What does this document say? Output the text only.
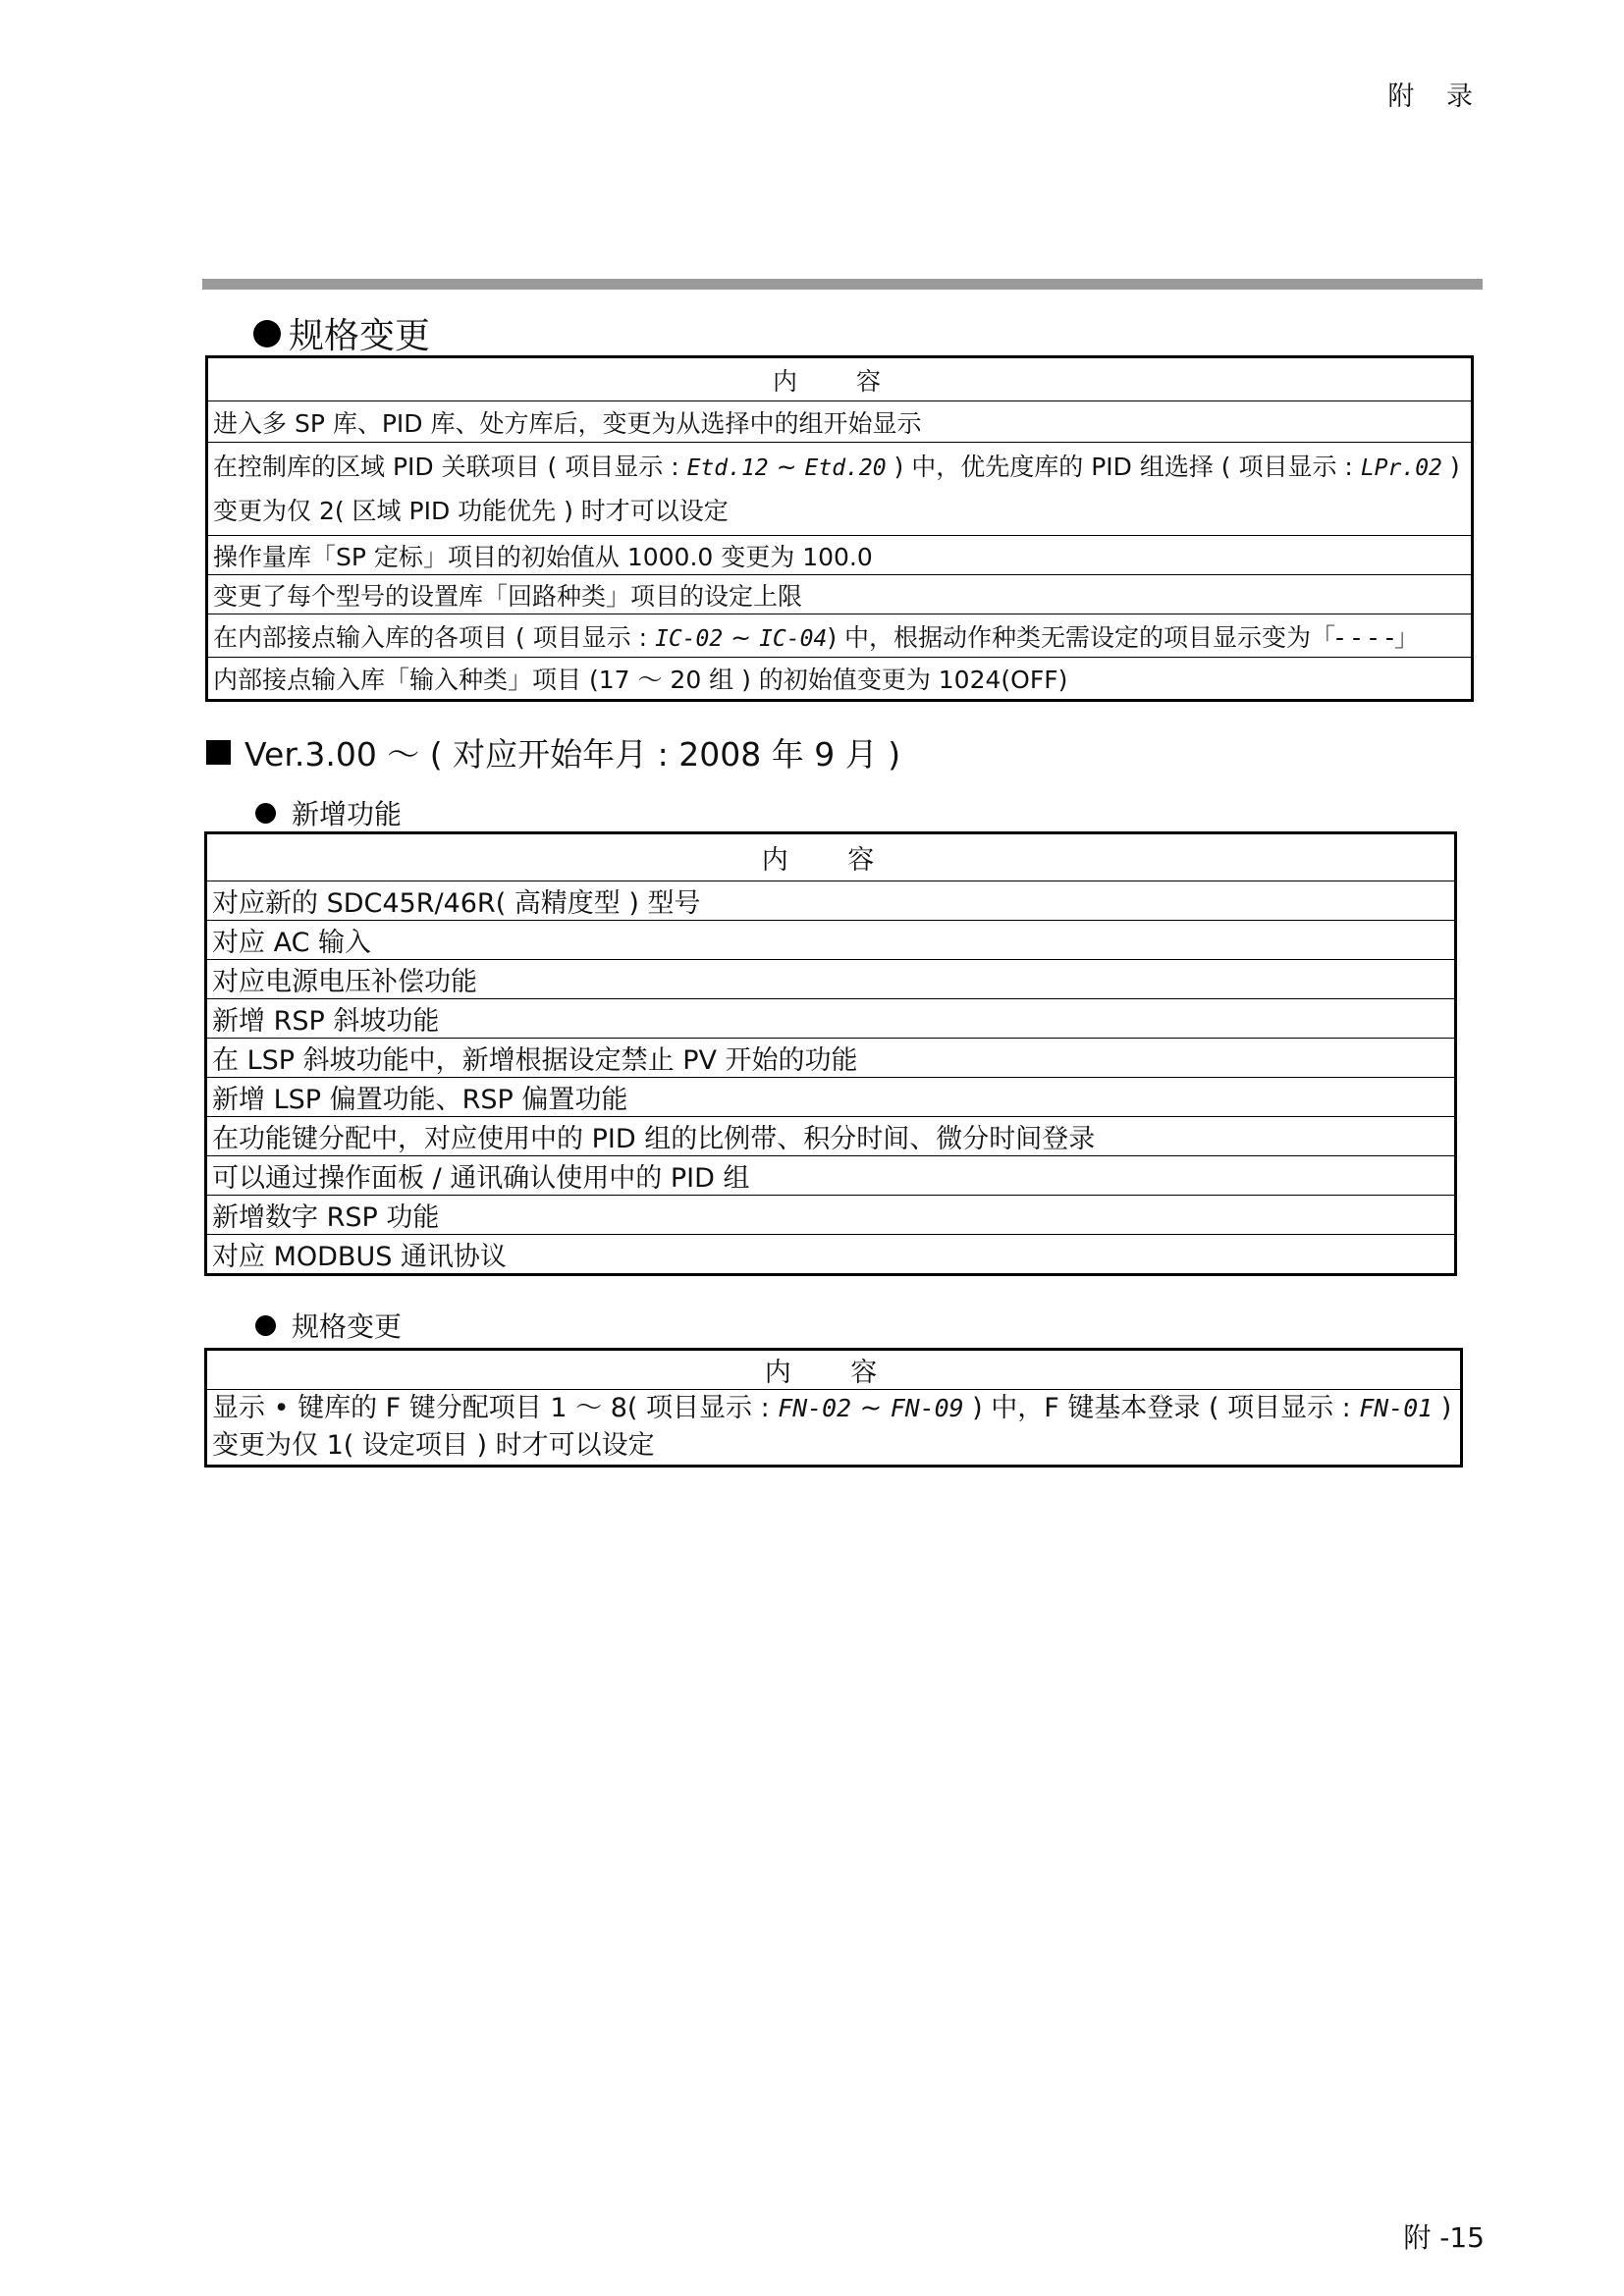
附 录
规格变更
内 容
进入多 SP 库、PID 库、处方库后，变更为从选择中的组开始显示
在控制库的区域 PID 关联项目 ( 项目显示 : Etd.12 ~ Etd.20 ) 中，优先度库的 PID 组选择 ( 项目显示 : LPr.02 ) 变更为仅 2( 区域 PID 功能优先 ) 时才可以设定
操作量库「SP 定标」项目的初始值从 1000.0 变更为 100.0
变更了每个型号的设置库「回路种类」项目的设定上限
在内部接点输入库的各项目 ( 项目显示 : IC-02 ~ IC-04) 中，根据动作种类无需设定的项目显示变为「- - - -」
内部接点输入库「输入种类」项目 (17 ～ 20 组 ) 的初始值变更为 1024(OFF)
Ver.3.00 ～ ( 对应开始年月 : 2008 年 9 月 )
新增功能
内 容
对应新的 SDC45R/46R( 高精度型 ) 型号
对应 AC 输入
对应电源电压补偿功能
新增 RSP 斜坡功能
在 LSP 斜坡功能中，新增根据设定禁止 PV 开始的功能
新增 LSP 偏置功能、RSP 偏置功能
在功能键分配中，对应使用中的 PID 组的比例带、积分时间、微分时间登录
可以通过操作面板 / 通讯确认使用中的 PID 组
新增数字 RSP 功能
对应 MODBUS 通讯协议
规格变更
内 容
显示 • 键库的 F 键分配项目 1 ～ 8( 项目显示 : FN-02 ~ FN-09 ) 中，F 键基本登录 ( 项目显示 : FN-01 ) 变更为仅 1( 设定项目 ) 时才可以设定
附 -15
